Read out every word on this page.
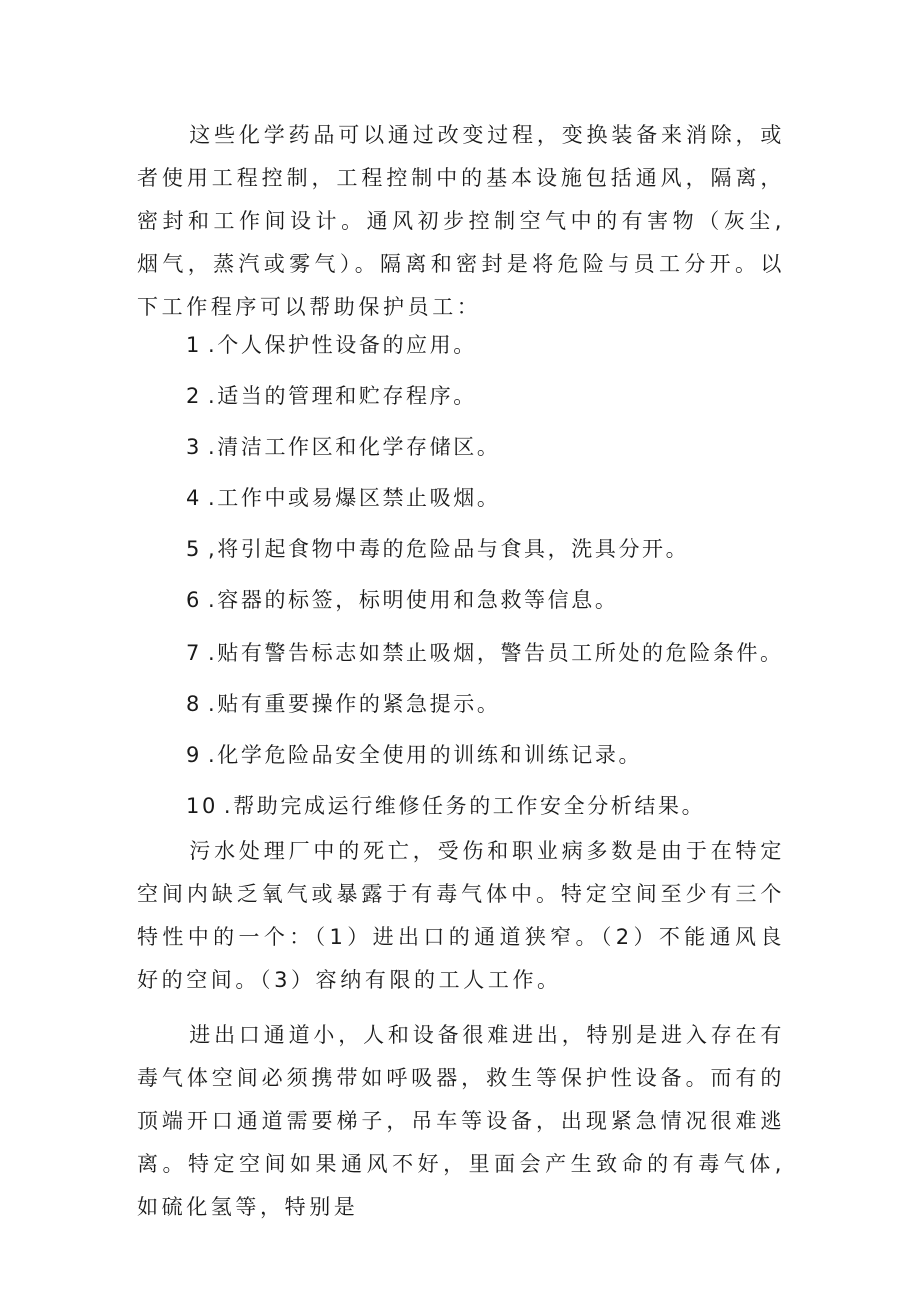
这些化学药品可以通过改变过程，变换装备来消除，或者使用工程控制，工程控制中的基本设施包括通风，隔离，密封和工作间设计。通风初步控制空气中的有害物（灰尘,烟气，蒸汽或雾气）。隔离和密封是将危险与员工分开。以下工作程序可以帮助保护员工：

1 .个人保护性设备的应用。

2 .适当的管理和贮存程序。

3 .清洁工作区和化学存储区。

4 .工作中或易爆区禁止吸烟。

5 ,将引起食物中毒的危险品与食具，洗具分开。

6 .容器的标签，标明使用和急救等信息。

7 .贴有警告标志如禁止吸烟，警告员工所处的危险条件。

8 .贴有重要操作的紧急提示。

9 .化学危险品安全使用的训练和训练记录。

10 .帮助完成运行维修任务的工作安全分析结果。

污水处理厂中的死亡，受伤和职业病多数是由于在特定空间内缺乏氧气或暴露于有毒气体中。特定空间至少有三个特性中的一个：（1）进出口的通道狭窄。（2）不能通风良好的空间。（3）容纳有限的工人工作。

进出口通道小，人和设备很难进出，特别是进入存在有毒气体空间必须携带如呼吸器，救生等保护性设备。而有的顶端开口通道需要梯子，吊车等设备，出现紧急情况很难逃离。特定空间如果通风不好，里面会产生致命的有毒气体,如硫化氢等，特别是
